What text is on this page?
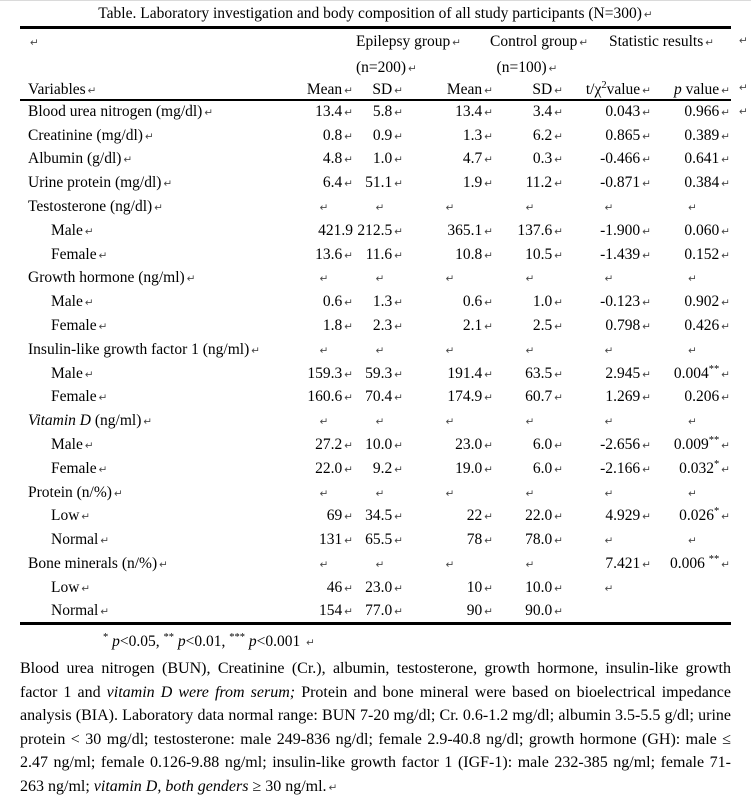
Table. Laboratory investigation and body composition of all study participants (N=300) ↵
↵	Epilepsy group ↵		Control group ↵		Statistic results ↵	
	(n=200) ↵		(n=100) ↵			
Variables ↵	Mean ↵	SD ↵	Mean ↵	SD ↵	$t/\chi^2value$ ↵	p value ↵
Blood urea nitrogen (mg/dl) ↵	13.4 ↵	5.8 ↵	13.4 ↵	3.4 ↵	0.043 ↵	0.966 ↵
Creatinine (mg/dl) ↵	0.8 ↵	0.9 ↵	1.3 ↵	6.2 ↵	0.865 ↵	0.389 ↵
Albumin (g/dl) ↵	4.8 ↵	1.0 ↵	4.7 ↵	0.3 ↵	-0.466 ↵	0.641 ↵
Urine protein (mg/dl) ↵	6.4 ↵	51.1 ↵	1.9 ↵	11.2 ↵	-0.871 ↵	0.384 ↵
Testosterone (ng/dl) ↵	↵	↵	↵	↵	↵	↵
Male ↵	421.9	212.5 ↵	365.1 ↵	137.6 ↵	-1.900 ↵	0.060 ↵
Female ↵	13.6 ↵	11.6 ↵	10.8 ↵	10.5 ↵	-1.439 ↵	0.152 ↵
Growth hormone (ng/ml) ↵	↵	↵	↵	↵	↵	↵
Male ↵	0.6 ↵	1.3 ↵	0.6 ↵	1.0 ↵	-0.123 ↵	0.902 ↵
Female ↵	1.8 ↵	2.3 ↵	2.1 ↵	2.5 ↵	0.798 ↵	0.426 ↵
Insulin-like growth factor 1 (ng/ml) ↵	↵	↵	↵	↵	↵	↵
Male ↵	159.3 ↵	59.3 ↵	191.4 ↵	63.5 ↵	2.945 ↵	0.004** ↵
Female ↵	160.6 ↵	70.4 ↵	174.9 ↵	60.7 ↵	1.269 ↵	0.206 ↵
Vitamin D (ng/ml) ↵	↵	↵	↵	↵	↵	↵
Male ↵	27.2 ↵	10.0 ↵	23.0 ↵	6.0 ↵	-2.656 ↵	0.009** ↵
Female ↵	22.0 ↵	9.2 ↵	19.0 ↵	6.0 ↵	-2.166 ↵	0.032* ↵
Protein (n/%) ↵	↵	↵	↵	↵	↵	↵
Low ↵	69 ↵	34.5 ↵	22 ↵	22.0 ↵	4.929 ↵	0.026* ↵
Normal ↵	131 ↵	65.5 ↵	78 ↵	78.0 ↵	↵	↵
Bone minerals (n/%) ↵	↵	↵	↵	↵	7.421 ↵	0.006 ** ↵
Low ↵	46 ↵	23.0 ↵	10 ↵	10.0 ↵	↵	
Normal ↵	154 ↵	77.0 ↵	90 ↵	90.0 ↵		
↵
↵
↵
* p<0.05, ** p<0.01, *** p<0.001 ↵
Blood urea nitrogen (BUN), Creatinine (Cr.), albumin, testosterone, growth hormone, insulin-like growth factor 1 and vitamin D were from serum; Protein and bone mineral were based on bioelectrical impedance analysis (BIA). Laboratory data normal range: BUN 7-20 mg/dl; Cr. 0.6-1.2 mg/dl; albumin 3.5-5.5 g/dl; urine protein < 30 mg/dl; testosterone: male 249-836 ng/dl; female 2.9-40.8 ng/dl; growth hormone (GH): male ≤ 2.47 ng/ml; female 0.126-9.88 ng/ml; insulin-like growth factor 1 (IGF-1): male 232-385 ng/ml; female 71-263 ng/ml; vitamin D, both genders ≥ 30 ng/ml. ↵
